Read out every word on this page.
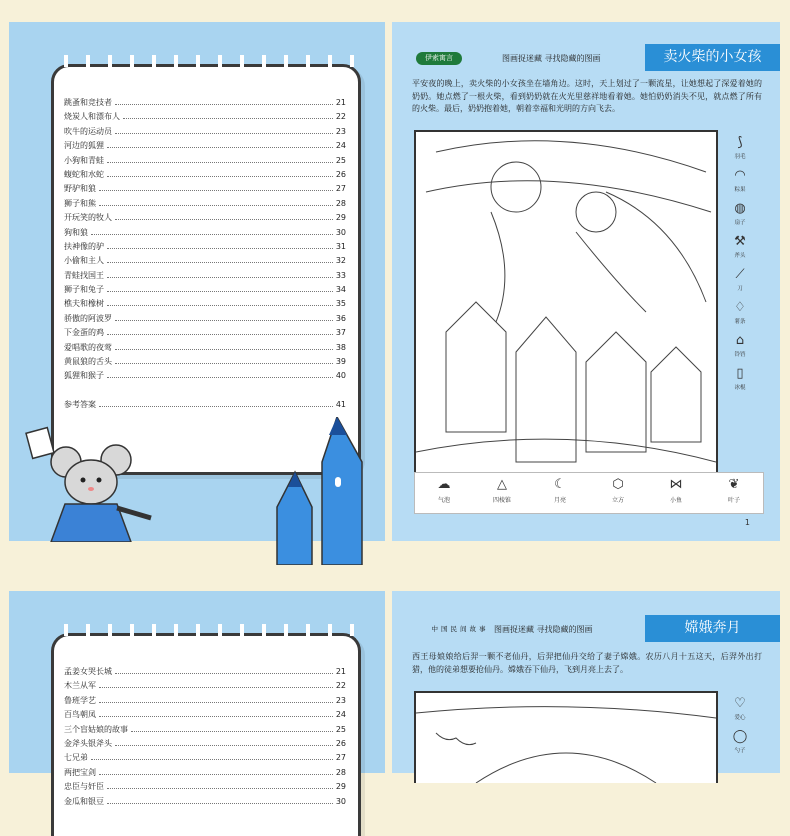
跳蚤和竞技者	21
烧炭人和漂布人	22
吹牛的运动员	23
河边的狐狸	24
小狗和青蛙	25
蝮蛇和水蛇	26
野驴和狼	27
狮子和熊	28
开玩笑的牧人	29
狗和狼	30
扶神像的驴	31
小偷和主人	32
青蛙找国王	33
狮子和兔子	34
樵夫和橡树	35
骄傲的阿波罗	36
下金蛋的鸡	37
爱唱歌的夜莺	38
黄鼠狼的舌头	39
狐狸和猴子	40
参考答案	41
伊索寓言	图画捉迷藏 寻找隐藏的图画	卖火柴的小女孩
平安夜的晚上，卖火柴的小女孩坐在墙角边。这时，天上划过了一颗流星，让她想起了深爱着她的奶奶。她点燃了一根火柴，看到奶奶就在火光里慈祥地看着她。她怕奶奶消失不见，就点燃了所有的火柴。最后，奶奶抱着她，朝着幸福和光明的方向飞去。
⟆
羽毛
◠
粽果
◍
扇子
⚒
斧头
⟋
刀
♢
薯条
⌂
铃铛
▯
冰棍
☁
气泡
△
四棱锥
☾
月亮
⬡
立方
⋈
小鱼
❦
叶子
1
孟姜女哭长城	21
木兰从军	22
鲁班学艺	23
百鸟朝凤	24
三个盲姑娘的故事	25
金斧头银斧头	26
七兄弟	27
两把宝剑	28
忠臣与奸臣	29
金瓜和银豆	30
中国民间故事 图画捉迷藏 寻找隐藏的图画	嫦娥奔月
西王母娘娘给后羿一颗不老仙丹，后羿把仙丹交给了妻子嫦娥。农历八月十五这天，后羿外出打猎，他的徒弟想要抢仙丹。嫦娥吞下仙丹，飞到月亮上去了。
♡
爱心
◯
勺子
